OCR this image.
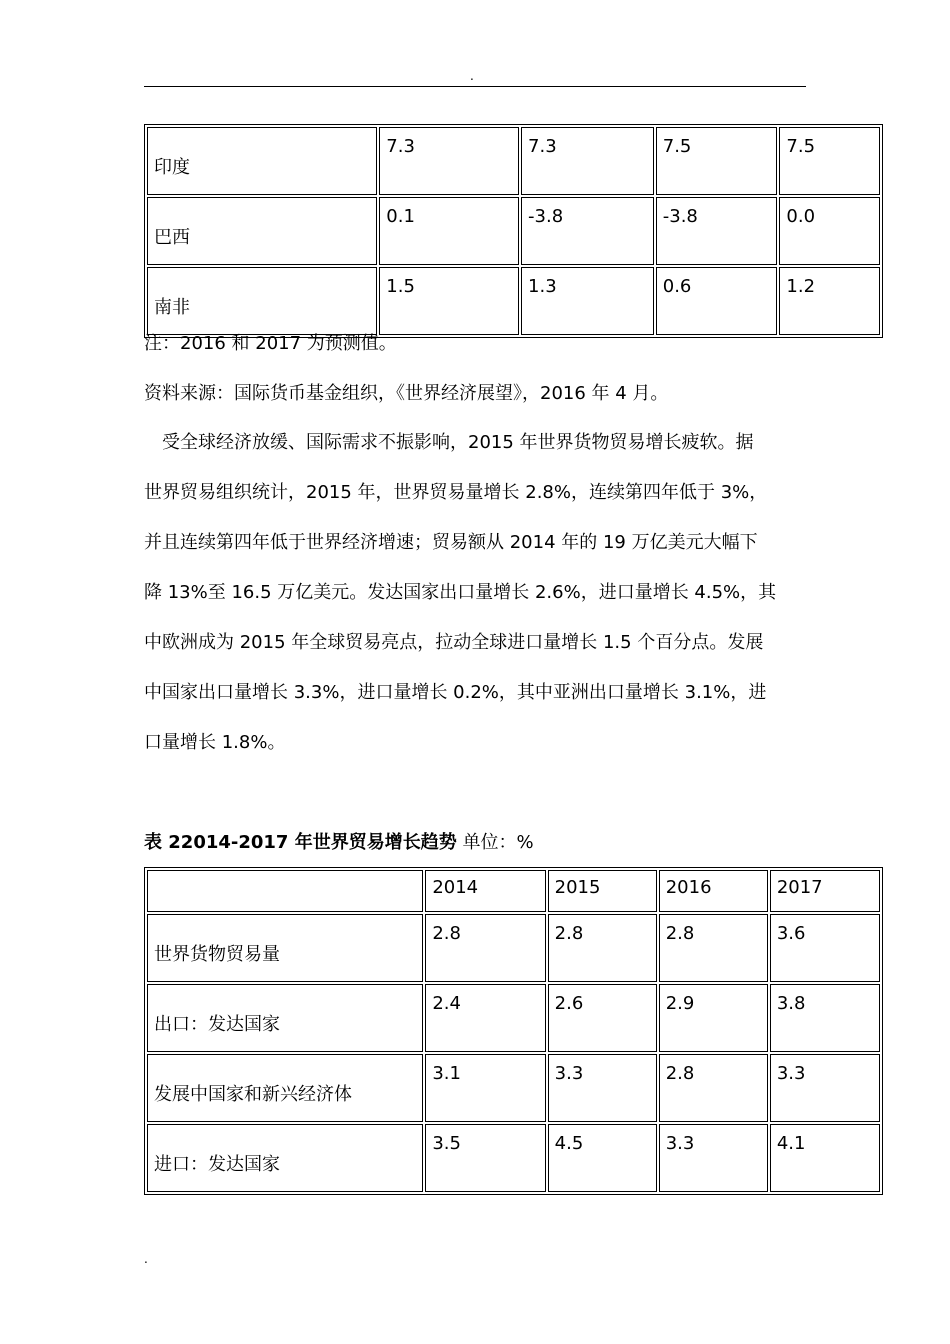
.
印度	7.3	7.3	7.5	7.5
巴西	0.1	-3.8	-3.8	0.0
南非	1.5	1.3	0.6	1.2
注：2016 和 2017 为预测值。
资料来源：国际货币基金组织，《世界经济展望》，2016 年 4 月。
　受全球经济放缓、国际需求不振影响，2015 年世界货物贸易增长疲软。据
世界贸易组织统计，2015 年，世界贸易量增长 2.8%，连续第四年低于 3%，
并且连续第四年低于世界经济增速；贸易额从 2014 年的 19 万亿美元大幅下
降 13%至 16.5 万亿美元。发达国家出口量增长 2.6%，进口量增长 4.5%，其
中欧洲成为 2015 年全球贸易亮点，拉动全球进口量增长 1.5 个百分点。发展
中国家出口量增长 3.3%，进口量增长 0.2%，其中亚洲出口量增长 3.1%，进
口量增长 1.8%。
表 22014-2017 年世界贸易增长趋势 单位：%
	2014	2015	2016	2017
世界货物贸易量	2.8	2.8	2.8	3.6
出口：发达国家	2.4	2.6	2.9	3.8
发展中国家和新兴经济体	3.1	3.3	2.8	3.3
进口：发达国家	3.5	4.5	3.3	4.1
.
